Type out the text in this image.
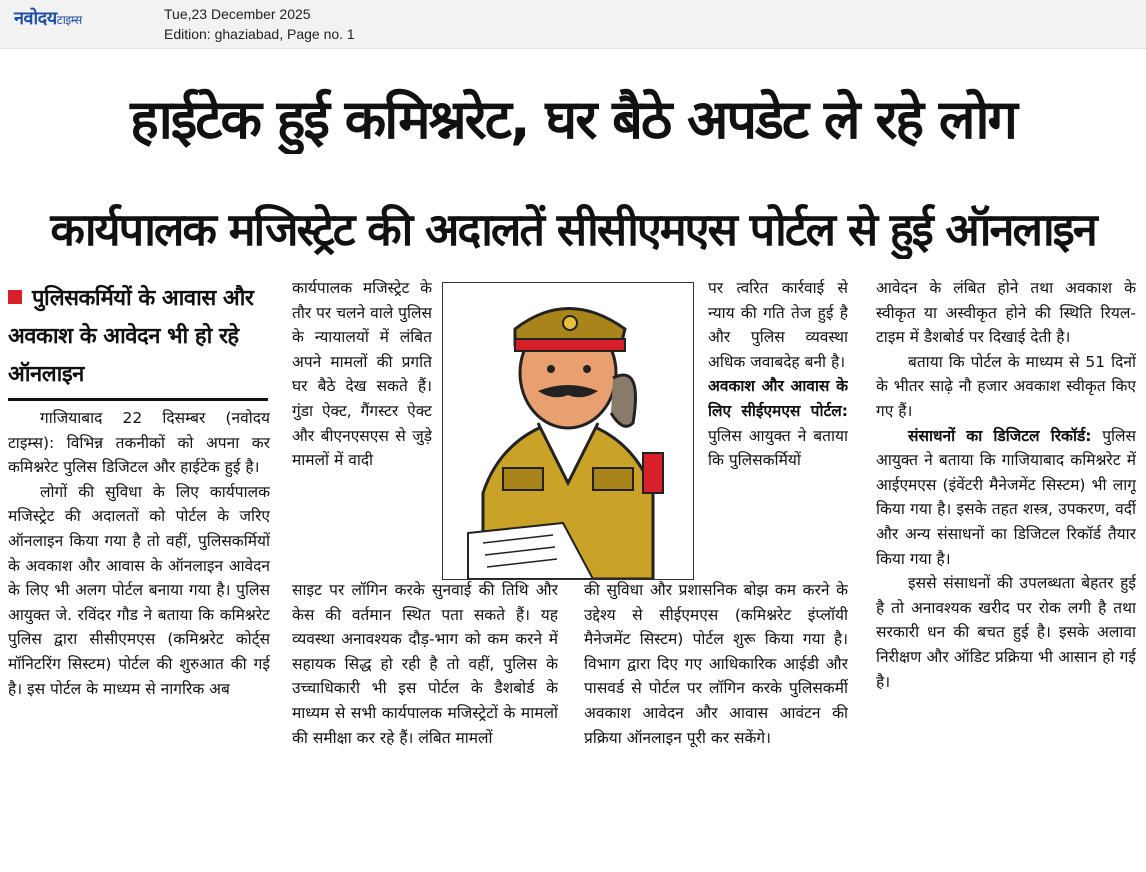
नवोदयटाइम्स	Tue,23 December 2025
Edition: ghaziabad, Page no. 1
हाईटेक हुई कमिश्नरेट, घर बैठे अपडेट ले रहे लोग
कार्यपालक मजिस्ट्रेट की अदालतें सीसीएमएस पोर्टल से हुई ऑनलाइन
पुलिसकर्मियों के आवास और अवकाश के आवेदन भी हो रहे ऑनलाइन

गाजियाबाद 22 दिसम्बर (नवोदय टाइम्स): विभिन्न तकनीकों को अपना कर कमिश्नरेट पुलिस डिजिटल और हाईटेक हुई है।

लोगों की सुविधा के लिए कार्यपालक मजिस्ट्रेट की अदालतों को पोर्टल के जरिए ऑनलाइन किया गया है तो वहीं, पुलिसकर्मियों के अवकाश और आवास के ऑनलाइन आवेदन के लिए भी अलग पोर्टल बनाया गया है। पुलिस आयुक्त जे. रविंदर गौड ने बताया कि कमिश्नरेट पुलिस द्वारा सीसीएमएस (कमिश्नरेट कोर्ट्स मॉनिटरिंग सिस्टम) पोर्टल की शुरुआत की गई है। इस पोर्टल के माध्यम से नागरिक अब

कार्यपालक मजिस्ट्रेट के तौर पर चलने वाले पुलिस के न्यायालयों में लंबित अपने मामलों की प्रगति घर बैठे देख सकते हैं। गुंडा ऐक्ट, गैंगस्टर ऐक्ट और बीएनएसएस से जुड़े मामलों में वादी

साइट पर लॉगिन करके सुनवाई की तिथि और केस की वर्तमान स्थित पता सकते हैं। यह व्यवस्था अनावश्यक दौड़-भाग को कम करने में सहायक सिद्ध हो रही है तो वहीं, पुलिस के उच्चाधिकारी भी इस पोर्टल के डैशबोर्ड के माध्यम से सभी कार्यपालक मजिस्ट्रेटों के मामलों की समीक्षा कर रहे हैं। लंबित मामलों

पर त्वरित कार्रवाई से न्याय की गति तेज हुई है और पुलिस व्यवस्था अधिक जवाबदेह बनी है।

अवकाश और आवास के लिए सीईएमएस पोर्टल: पुलिस आयुक्त ने बताया कि पुलिसकर्मियों

की सुविधा और प्रशासनिक बोझ कम करने के उद्देश्य से सीईएमएस (कमिश्नरेट इंप्लॉयी मैनेजमेंट सिस्टम) पोर्टल शुरू किया गया है। विभाग द्वारा दिए गए आधिकारिक आईडी और पासवर्ड से पोर्टल पर लॉगिन करके पुलिसकर्मी अवकाश आवेदन और आवास आवंटन की प्रक्रिया ऑनलाइन पूरी कर सकेंगे।

आवेदन के लंबित होने तथा अवकाश के स्वीकृत या अस्वीकृत होने की स्थिति रियल-टाइम में डैशबोर्ड पर दिखाई देती है।

बताया कि पोर्टल के माध्यम से 51 दिनों के भीतर साढ़े नौ हजार अवकाश स्वीकृत किए गए हैं।

संसाधनों का डिजिटल रिकॉर्ड: पुलिस आयुक्त ने बताया कि गाजियाबाद कमिश्नरेट में आईएमएस (इंवेंटरी मैनेजमेंट सिस्टम) भी लागू किया गया है। इसके तहत शस्त्र, उपकरण, वर्दी और अन्य संसाधनों का डिजिटल रिकॉर्ड तैयार किया गया है।

इससे संसाधनों की उपलब्धता बेहतर हुई है तो अनावश्यक खरीद पर रोक लगी है तथा सरकारी धन की बचत हुई है। इसके अलावा निरीक्षण और ऑडिट प्रक्रिया भी आसान हो गई है।
